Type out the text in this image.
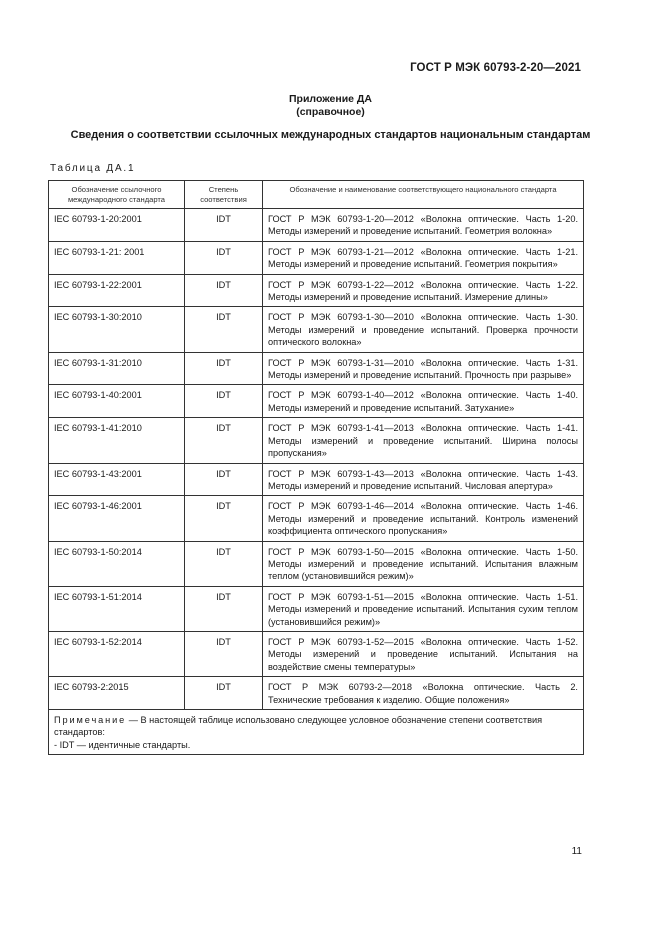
ГОСТ Р МЭК 60793-2-20—2021
Приложение ДА
(справочное)
Сведения о соответствии ссылочных международных стандартов национальным стандартам
Таблица ДА.1
Обозначение ссылочного международного стандарта	Степень соответствия	Обозначение и наименование соответствующего национального стандарта
IEC 60793-1-20:2001	IDT	ГОСТ Р МЭК 60793-1-20—2012 «Волокна оптические. Часть 1-20. Методы измерений и проведение испытаний. Геометрия волокна»
IEC 60793-1-21: 2001	IDT	ГОСТ Р МЭК 60793-1-21—2012 «Волокна оптические. Часть 1-21. Методы измерений и проведение испытаний. Геометрия покрытия»
IEC 60793-1-22:2001	IDT	ГОСТ Р МЭК 60793-1-22—2012 «Волокна оптические. Часть 1-22. Методы измерений и проведение испытаний. Измерение длины»
IEC 60793-1-30:2010	IDT	ГОСТ Р МЭК 60793-1-30—2010 «Волокна оптические. Часть 1-30. Методы измерений и проведение испытаний. Проверка прочности оптического волокна»
IEC 60793-1-31:2010	IDT	ГОСТ Р МЭК 60793-1-31—2010 «Волокна оптические. Часть 1-31. Методы измерений и проведение испытаний. Прочность при разрыве»
IEC 60793-1-40:2001	IDT	ГОСТ Р МЭК 60793-1-40—2012 «Волокна оптические. Часть 1-40. Методы измерений и проведение испытаний. Затухание»
IEC 60793-1-41:2010	IDT	ГОСТ Р МЭК 60793-1-41—2013 «Волокна оптические. Часть 1-41. Методы измерений и проведение испытаний. Ширина полосы пропускания»
IEC 60793-1-43:2001	IDT	ГОСТ Р МЭК 60793-1-43—2013 «Волокна оптические. Часть 1-43. Методы измерений и проведение испытаний. Числовая апертура»
IEC 60793-1-46:2001	IDT	ГОСТ Р МЭК 60793-1-46—2014 «Волокна оптические. Часть 1-46. Методы измерений и проведение испытаний. Контроль изменений коэффициента оптического пропускания»
IEC 60793-1-50:2014	IDT	ГОСТ Р МЭК 60793-1-50—2015 «Волокна оптические. Часть 1-50. Методы измерений и проведение испытаний. Испытания влажным теплом (установившийся режим)»
IEC 60793-1-51:2014	IDT	ГОСТ Р МЭК 60793-1-51—2015 «Волокна оптические. Часть 1-51. Методы измерений и проведение испытаний. Испытания сухим теплом (установившийся режим)»
IEC 60793-1-52:2014	IDT	ГОСТ Р МЭК 60793-1-52—2015 «Волокна оптические. Часть 1-52. Методы измерений и проведение испытаний. Испытания на воздействие смены температуры»
IEC 60793-2:2015	IDT	ГОСТ Р МЭК 60793-2—2018 «Волокна оптические. Часть 2. Технические требования к изделию. Общие положения»
Примечание — В настоящей таблице использовано следующее условное обозначение степени соответствия стандартов:
- IDT — идентичные стандарты.		
11
